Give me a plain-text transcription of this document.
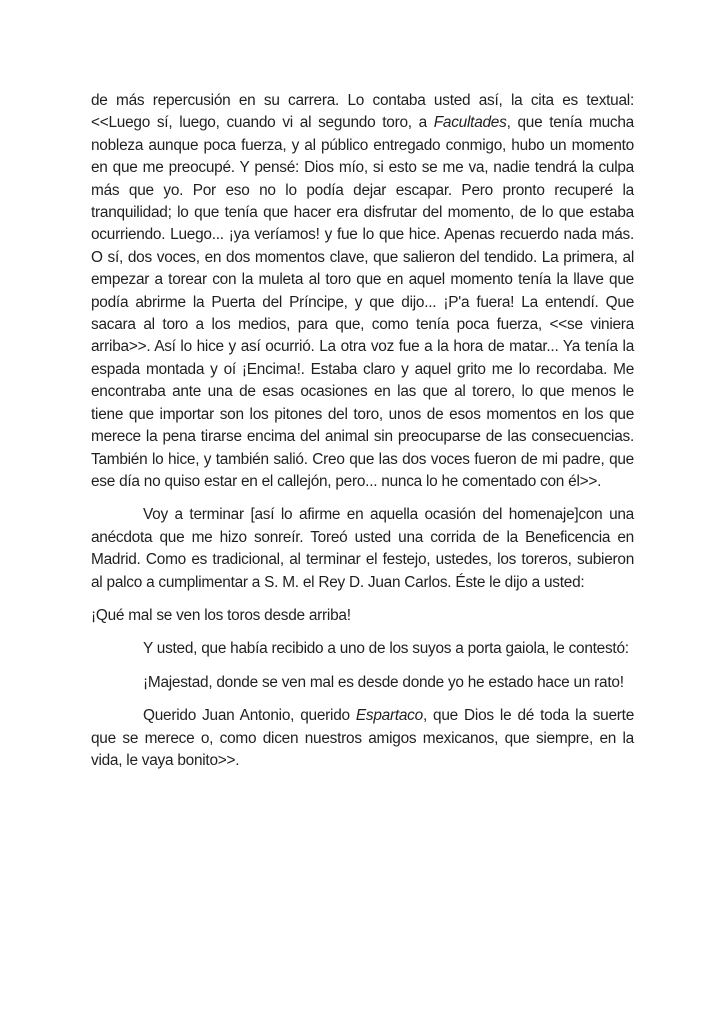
de más repercusión en su carrera. Lo contaba usted así, la cita es textual: <<Luego sí, luego, cuando vi al segundo toro, a Facultades, que tenía mucha nobleza aunque poca fuerza, y al público entregado conmigo, hubo un momento en que me preocupé. Y pensé: Dios mío, si esto se me va, nadie tendrá la culpa más que yo. Por eso no lo podía dejar escapar. Pero pronto recuperé la tranquilidad; lo que tenía que hacer era disfrutar del momento, de lo que estaba ocurriendo. Luego... ¡ya veríamos! y fue lo que hice. Apenas recuerdo nada más. O sí, dos voces, en dos momentos clave, que salieron del tendido. La primera, al empezar a torear con la muleta al toro que en aquel momento tenía la llave que podía abrirme la Puerta del Príncipe, y que dijo... ¡P'a fuera! La entendí. Que sacara al toro a los medios, para que, como tenía poca fuerza, <<se viniera arriba>>. Así lo hice y así ocurrió. La otra voz fue a la hora de matar... Ya tenía la espada montada y oí ¡Encima!. Estaba claro y aquel grito me lo recordaba. Me encontraba ante una de esas ocasiones en las que al torero, lo que menos le tiene que importar son los pitones del toro, unos de esos momentos en los que merece la pena tirarse encima del animal sin preocuparse de las consecuencias. También lo hice, y también salió. Creo que las dos voces fueron de mi padre, que ese día no quiso estar en el callejón, pero... nunca lo he comentado con él>>.

Voy a terminar [así lo afirme en aquella ocasión del homenaje]con una anécdota que me hizo sonreír. Toreó usted una corrida de la Beneficencia en Madrid. Como es tradicional, al terminar el festejo, ustedes, los toreros, subieron al palco a cumplimentar a S. M. el Rey D. Juan Carlos. Éste le dijo a usted:

¡Qué mal se ven los toros desde arriba!

Y usted, que había recibido a uno de los suyos a porta gaiola, le contestó:

¡Majestad, donde se ven mal es desde donde yo he estado hace un rato!

Querido Juan Antonio, querido Espartaco, que Dios le dé toda la suerte que se merece o, como dicen nuestros amigos mexicanos, que siempre, en la vida, le vaya bonito>>.
